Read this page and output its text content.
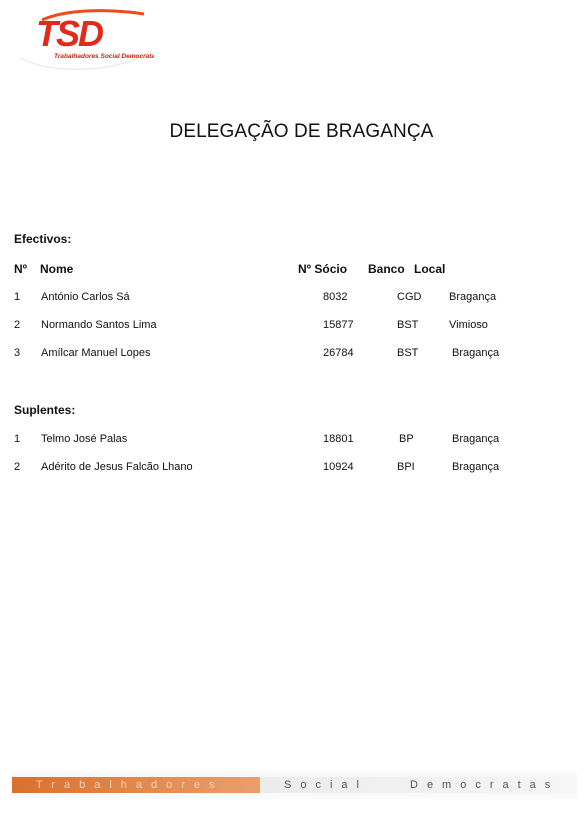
TSD
Trabalhadores Social Democratas
DELEGAÇÃO DE BRAGANÇA
Efectivos:
Nº Nome	Nº Sócio Banco Local
1 António Carlos Sá	8032	CGD	Bragança
2 Normando Santos Lima	15877	BST	Vimioso
3 Amílcar Manuel Lopes	26784	BST	Bragança
Suplentes:
1 Telmo José Palas	18801	BP	Bragança
2 Adérito de Jesus Falcão Lhano	10924	BPI	Bragança
Trabalhadores	Social	Democratas
